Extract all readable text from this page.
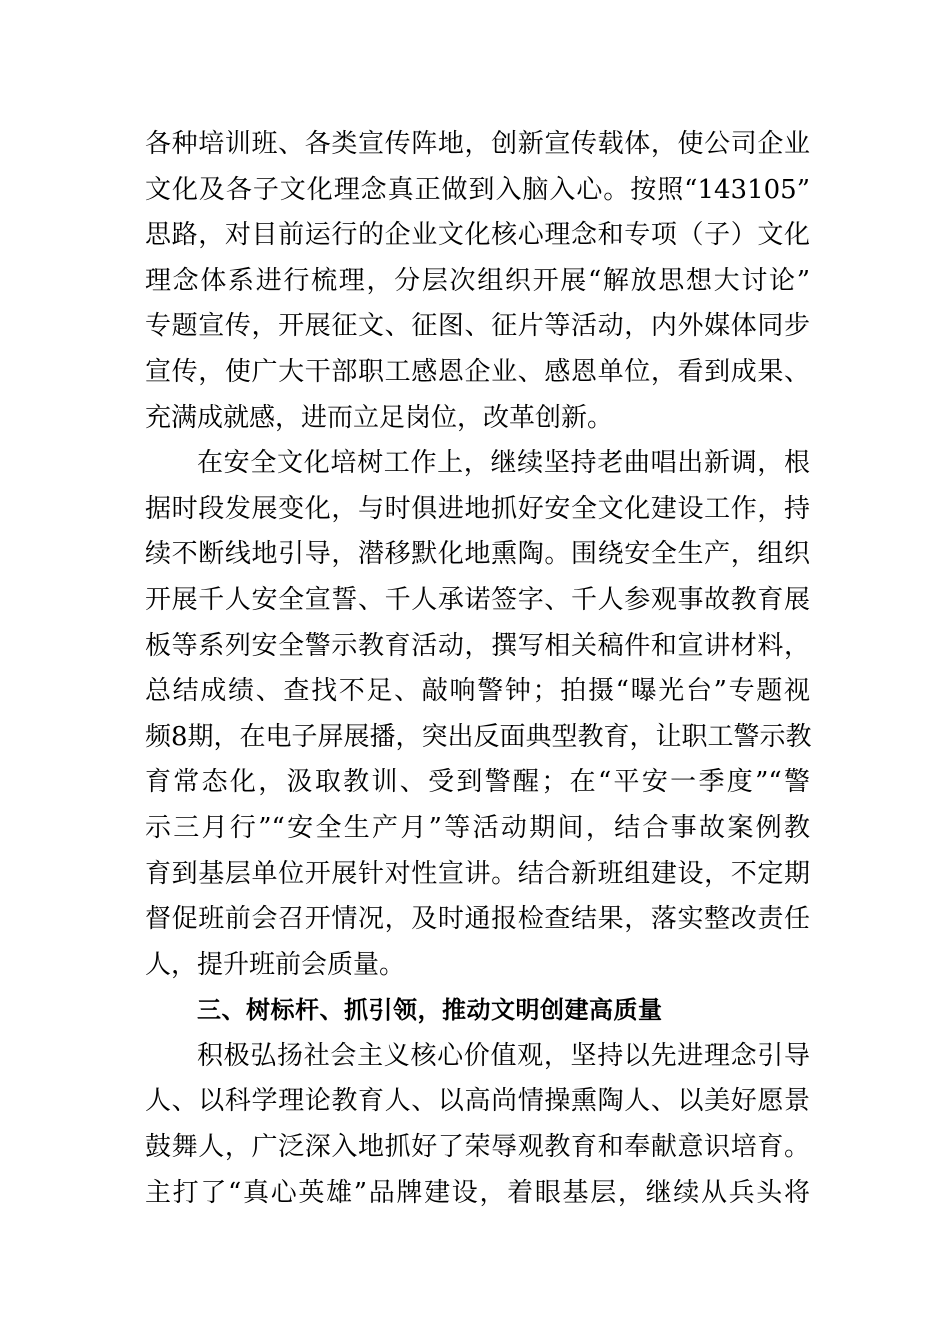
各种培训班、各类宣传阵地，创新宣传载体，使公司企业
文化及各子文化理念真正做到入脑入心。按照“143105”
思路，对目前运行的企业文化核心理念和专项（子）文化
理念体系进行梳理，分层次组织开展“解放思想大讨论”
专题宣传，开展征文、征图、征片等活动，内外媒体同步
宣传，使广大干部职工感恩企业、感恩单位，看到成果、
充满成就感，进而立足岗位，改革创新。
在安全文化培树工作上，继续坚持老曲唱出新调，根
据时段发展变化，与时俱进地抓好安全文化建设工作，持
续不断线地引导，潜移默化地熏陶。围绕安全生产，组织
开展千人安全宣誓、千人承诺签字、千人参观事故教育展
板等系列安全警示教育活动，撰写相关稿件和宣讲材料，
总结成绩、查找不足、敲响警钟；拍摄“曝光台”专题视
频8期，在电子屏展播，突出反面典型教育，让职工警示教
育常态化，汲取教训、受到警醒；在“平安一季度”“警
示三月行”“安全生产月”等活动期间，结合事故案例教
育到基层单位开展针对性宣讲。结合新班组建设，不定期
督促班前会召开情况，及时通报检查结果，落实整改责任
人，提升班前会质量。
三、树标杆、抓引领，推动文明创建高质量
积极弘扬社会主义核心价值观，坚持以先进理念引导
人、以科学理论教育人、以高尚情操熏陶人、以美好愿景
鼓舞人，广泛深入地抓好了荣辱观教育和奉献意识培育。
主打了“真心英雄”品牌建设，着眼基层，继续从兵头将
